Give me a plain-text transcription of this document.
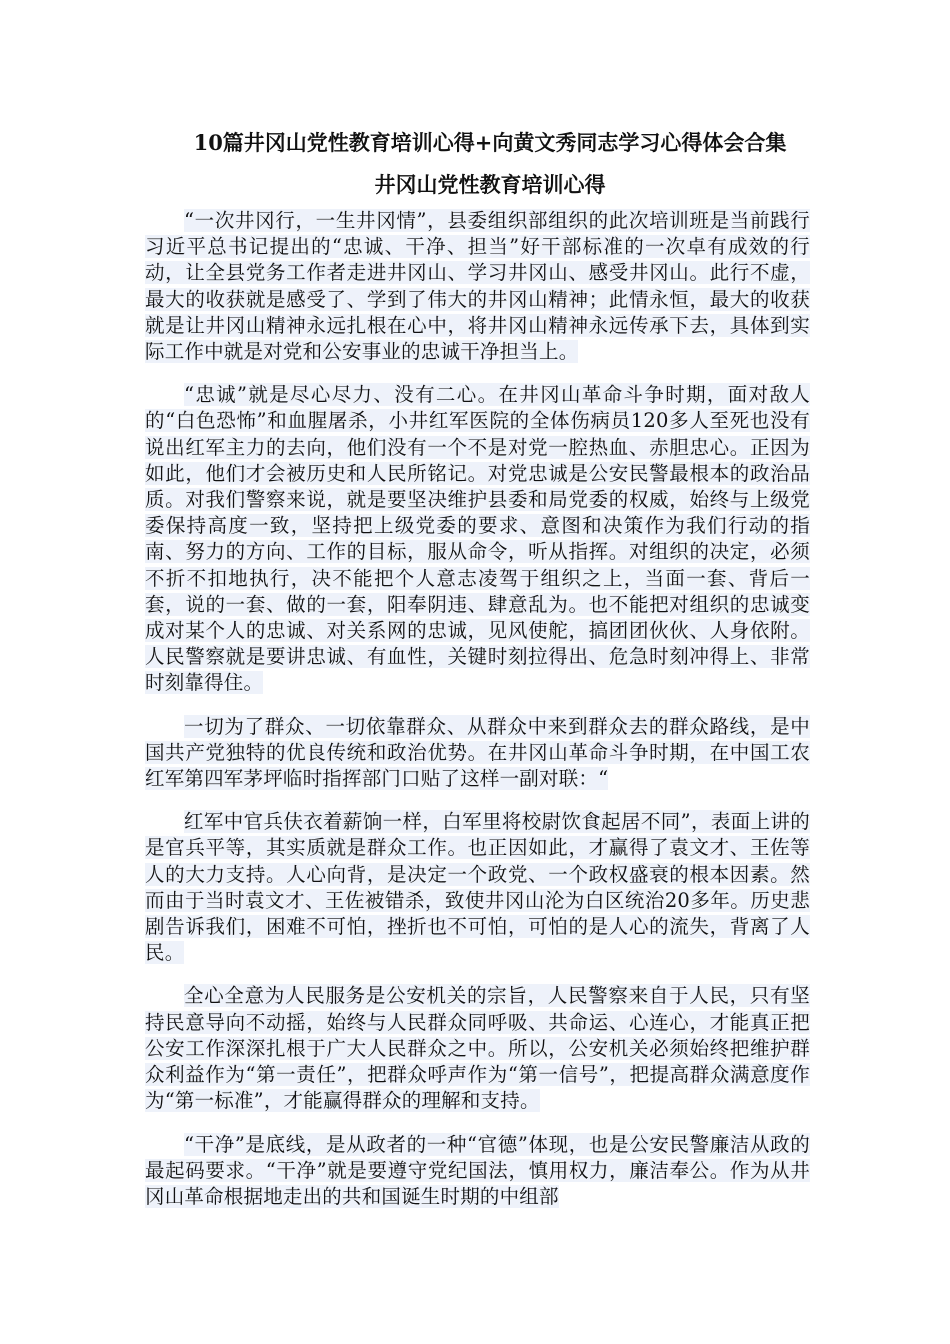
10篇井冈山党性教育培训心得+向黄文秀同志学习心得体会合集
井冈山党性教育培训心得

“一次井冈行，一生井冈情”，县委组织部组织的此次培训班是当前践行习近平总书记提出的“忠诚、干净、担当”好干部标准的一次卓有成效的行动，让全县党务工作者走进井冈山、学习井冈山、感受井冈山。此行不虚，最大的收获就是感受了、学到了伟大的井冈山精神；此情永恒，最大的收获就是让井冈山精神永远扎根在心中，将井冈山精神永远传承下去，具体到实际工作中就是对党和公安事业的忠诚干净担当上。

“忠诚”就是尽心尽力、没有二心。在井冈山革命斗争时期，面对敌人的“白色恐怖”和血腥屠杀，小井红军医院的全体伤病员120多人至死也没有说出红军主力的去向，他们没有一个不是对党一腔热血、赤胆忠心。正因为如此，他们才会被历史和人民所铭记。对党忠诚是公安民警最根本的政治品质。对我们警察来说，就是要坚决维护县委和局党委的权威，始终与上级党委保持高度一致，坚持把上级党委的要求、意图和决策作为我们行动的指南、努力的方向、工作的目标，服从命令，听从指挥。对组织的决定，必须不折不扣地执行，决不能把个人意志凌驾于组织之上，当面一套、背后一套，说的一套、做的一套，阳奉阴违、肆意乱为。也不能把对组织的忠诚变成对某个人的忠诚、对关系网的忠诚，见风使舵，搞团团伙伙、人身依附。人民警察就是要讲忠诚、有血性，关键时刻拉得出、危急时刻冲得上、非常时刻靠得住。

一切为了群众、一切依靠群众、从群众中来到群众去的群众路线，是中国共产党独特的优良传统和政治优势。在井冈山革命斗争时期，在中国工农红军第四军茅坪临时指挥部门口贴了这样一副对联：“

红军中官兵伕衣着薪饷一样，白军里将校尉饮食起居不同”，表面上讲的是官兵平等，其实质就是群众工作。也正因如此，才赢得了袁文才、王佐等人的大力支持。人心向背，是决定一个政党、一个政权盛衰的根本因素。然而由于当时袁文才、王佐被错杀，致使井冈山沦为白区统治20多年。历史悲剧告诉我们，困难不可怕，挫折也不可怕，可怕的是人心的流失，背离了人民。

全心全意为人民服务是公安机关的宗旨，人民警察来自于人民，只有坚持民意导向不动摇，始终与人民群众同呼吸、共命运、心连心，才能真正把公安工作深深扎根于广大人民群众之中。所以，公安机关必须始终把维护群众利益作为“第一责任”，把群众呼声作为“第一信号”，把提高群众满意度作为“第一标准”，才能赢得群众的理解和支持。

“干净”是底线，是从政者的一种“官德”体现，也是公安民警廉洁从政的最起码要求。“干净”就是要遵守党纪国法，慎用权力，廉洁奉公。作为从井冈山革命根据地走出的共和国诞生时期的中组部
